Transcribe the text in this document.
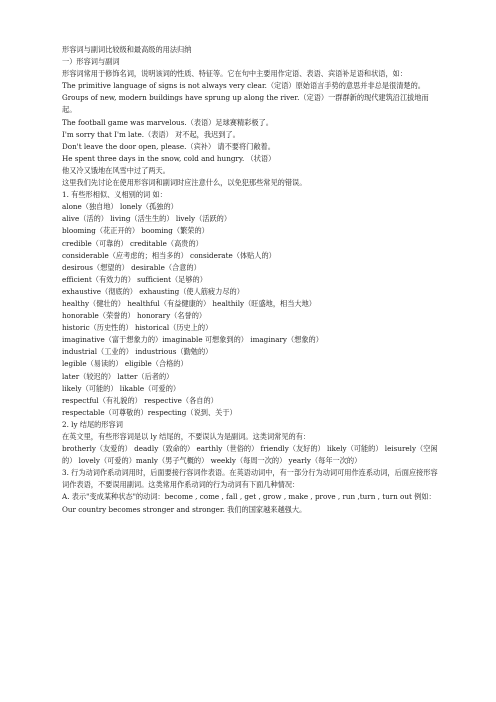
形容词与副词比较级和最高级的用法归纳
一）形容词与副词
形容词常用于修饰名词，说明该词的性质、特征等。它在句中主要用作定语、表语、宾语补足语和状语，如：
The primitive language of signs is not always very clear.（定语）原始语言手势的意思并非总是很清楚的。
Groups of new, modern buildings have sprung up along the river.（定语）一群群新的现代建筑沿江拔地而起。
The football game was marvelous.（表语）足球赛精彩极了。
I'm sorry that I'm late.（表语） 对不起，我迟到了。
Don't leave the door open, please.（宾补） 请不要将门敞着。
He spent three days in the snow, cold and hungry. （状语）
他又冷又饿地在风雪中过了两天。
这里我们先讨论在使用形容词和副词时应注意什么，以免犯那些常见的错误。
1. 有些形相似、义相别的词 如：
alone（独自地） lonely（孤独的）
alive（活的） living（活生生的） lively（活跃的）
blooming（花正开的） booming（繁荣的）
credible（可靠的） creditable（高贵的）
considerable（应考虑的；相当多的） considerate（体贴人的）
desirous（想望的） desirable（合意的）
efficient（有效力的） sufficient（足够的）
exhaustive（彻底的） exhausting（使人筋疲力尽的）
healthy（健壮的） healthful（有益健康的） healthily（旺盛地，相当大地）
honorable（荣誉的） honorary（名誉的）
historic（历史性的） historical（历史上的）
imaginative（富于想象力的）imaginable 可想象到的） imaginary（想象的）
industrial（工业的） industrious（勤勉的）
legible（易读的） eligible（合格的）
later（较迟的） latter（后者的）
likely（可能的） likable（可爱的）
respectful（有礼貌的） respective（各自的）
respectable（可尊敬的）respecting（说到、关于）
2. ly 结尾的形容词
在英文里，有些形容词是以 ly 结尾的，不要误认为是副词。这类词常见的有：
brotherly（友爱的） deadly（致命的） earthly（世俗的） friendly（友好的） likely（可能的） leisurely（空闲的） lovely（可爱的）manly（男子气概的） weekly（每周一次的） yearly（每年一次的）
3. 行为动词作系动词用时，后面要接行容词作表语。在英语动词中，有一部分行为动词可用作连系动词，后面应接形容词作表语，不要误用副词。这类常用作系动词的行为动词有下面几种情况：
A. 表示"变成某种状态"的动词：become , come , fall , get , grow , make , prove , run ,turn , turn out 例如：
Our country becomes stronger and stronger. 我们的国家越来越强大。
